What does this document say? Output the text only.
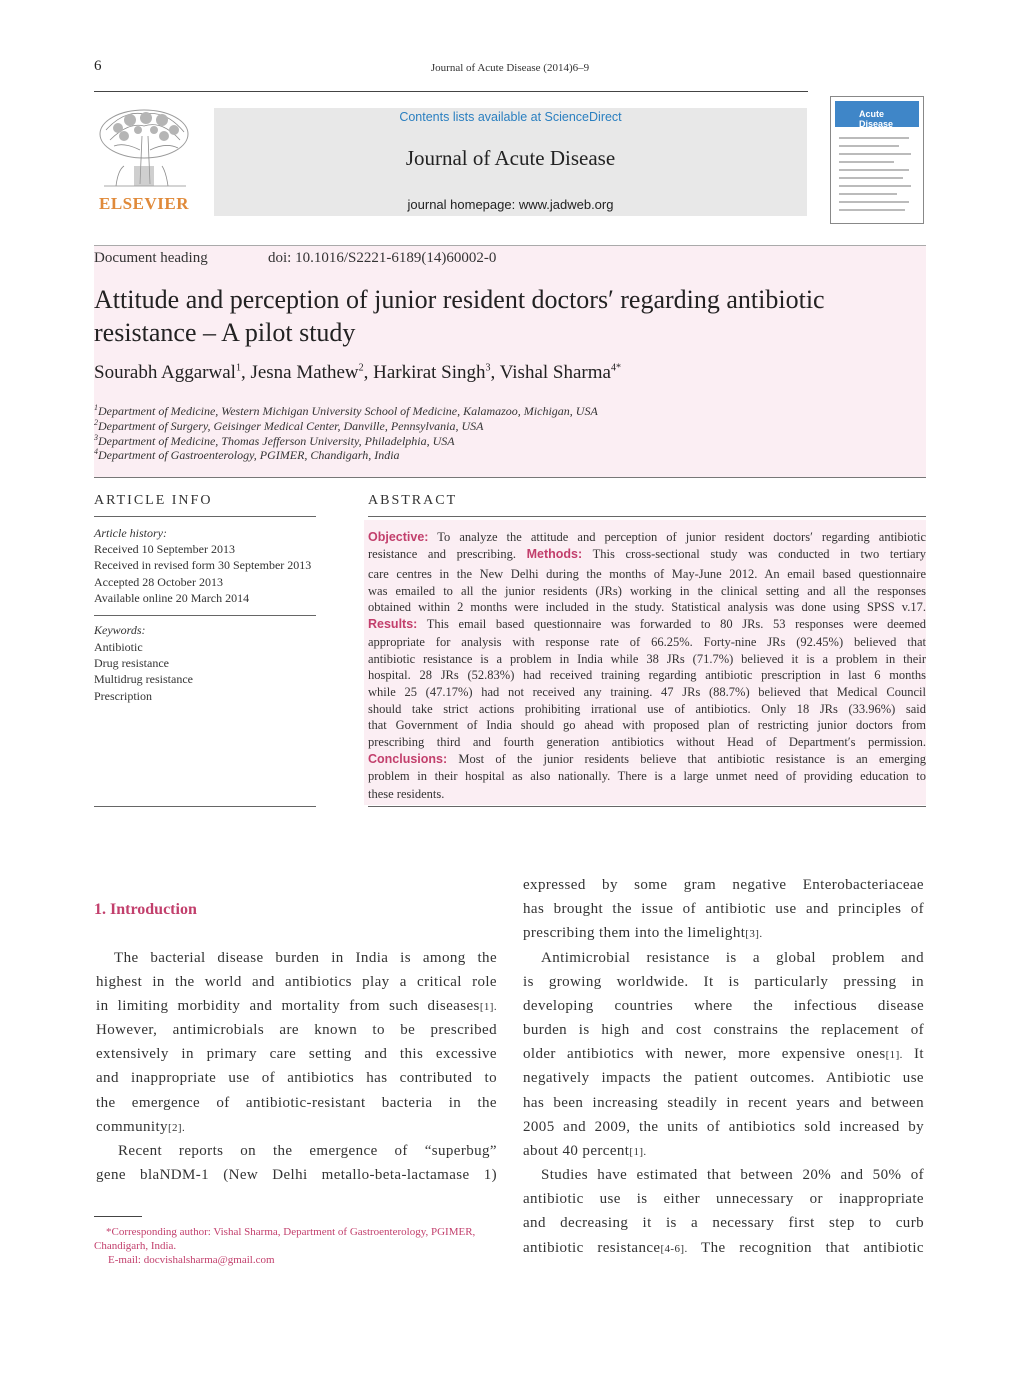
6	Journal of Acute Disease (2014)6–9
ELSEVIER
Contents lists available at ScienceDirect
Journal of Acute Disease
journal homepage: www.jadweb.org
Acute Disease
Document heading	doi: 10.1016/S2221-6189(14)60002-0
Attitude and perception of junior resident doctors′ regarding antibiotic resistance – A pilot study
Sourabh Aggarwal$^1$, Jesna Mathew$^2$, Harkirat Singh$^3$, Vishal Sharma$^{4*}$
$^1$Department of Medicine, Western Michigan University School of Medicine, Kalamazoo, Michigan, USA
$^2$Department of Surgery, Geisinger Medical Center, Danville, Pennsylvania, USA
$^3$Department of Medicine, Thomas Jefferson University, Philadelphia, USA
$^4$Department of Gastroenterology, PGIMER, Chandigarh, India
ARTICLE INFO
Article history:
Received 10 September 2013
Received in revised form 30 September 2013
Accepted 28 October 2013
Available online 20 March 2014
Keywords:
Antibiotic
Drug resistance
Multidrug resistance
Prescription
ABSTRACT
Objective: To analyze the attitude and perception of junior resident doctors′ regarding antibiotic
resistance and prescribing. Methods: This cross-sectional study was conducted in two tertiary
care centres in the New Delhi during the months of May-June 2012. An email based questionnaire
was emailed to all the junior residents (JRs) working in the clinical setting and all the responses
obtained within 2 months were included in the study. Statistical analysis was done using SPSS v.17.
Results: This email based questionnaire was forwarded to 80 JRs. 53 responses were deemed
appropriate for analysis with response rate of 66.25%. Forty-nine JRs (92.45%) believed that
antibiotic resistance is a problem in India while 38 JRs (71.7%) believed it is a problem in their
hospital. 28 JRs (52.83%) had received training regarding antibiotic prescription in last 6 months
while 25 (47.17%) had not received any training. 47 JRs (88.7%) believed that Medical Council
should take strict actions prohibiting irrational use of antibiotics. Only 18 JRs (33.96%) said
that Government of India should go ahead with proposed plan of restricting junior doctors from
prescribing third and fourth generation antibiotics without Head of Department′s permission.
Conclusions: Most of the junior residents believe that antibiotic resistance is an emerging
problem in their hospital as also nationally. There is a large unmet need of providing education to
these residents.
1. Introduction
The bacterial disease burden in India is among the
highest in the world and antibiotics play a critical role
in limiting morbidity and mortality from such diseases[1].
However, antimicrobials are known to be prescribed
extensively in primary care setting and this excessive
and inappropriate use of antibiotics has contributed to
the emergence of antibiotic-resistant bacteria in the
community[2].
Recent reports on the emergence of “superbug”
gene blaNDM-1 (New Delhi metallo-beta-lactamase 1)
*Corresponding author: Vishal Sharma, Department of Gastroenterology, PGIMER,
Chandigarh, India.
E-mail: docvishalsharma@gmail.com
expressed by some gram negative Enterobacteriaceae
has brought the issue of antibiotic use and principles of
prescribing them into the limelight[3].
Antimicrobial resistance is a global problem and
is growing worldwide. It is particularly pressing in
developing countries where the infectious disease
burden is high and cost constrains the replacement of
older antibiotics with newer, more expensive ones[1]. It
negatively impacts the patient outcomes. Antibiotic use
has been increasing steadily in recent years and between
2005 and 2009, the units of antibiotics sold increased by
about 40 percent[1].
Studies have estimated that between 20% and 50% of
antibiotic use is either unnecessary or inappropriate
and decreasing it is a necessary first step to curb
antibiotic resistance[4-6]. The recognition that antibiotic
